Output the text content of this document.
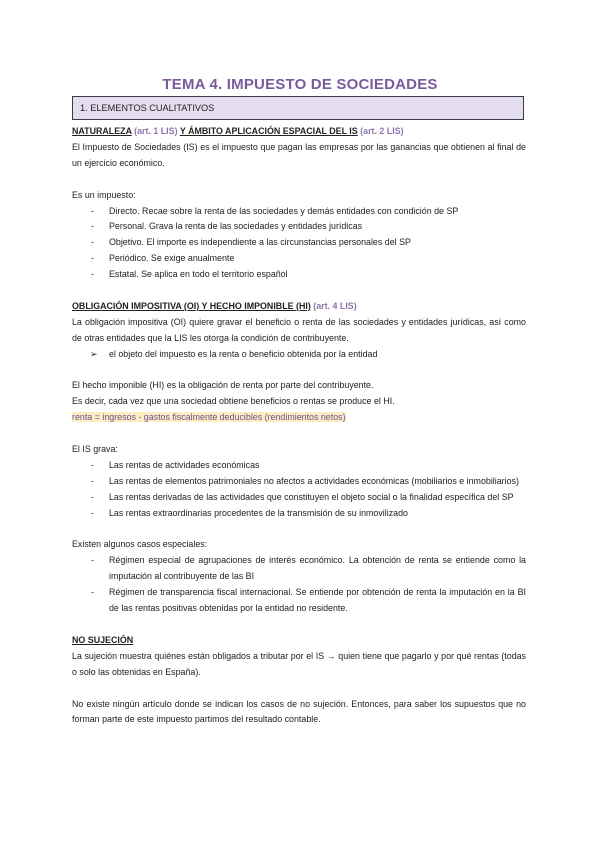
TEMA 4. IMPUESTO DE SOCIEDADES
1. ELEMENTOS CUALITATIVOS

NATURALEZA (art. 1 LIS) Y ÁMBITO APLICACIÓN ESPACIAL DEL IS (art. 2 LIS)

El Impuesto de Sociedades (IS) es el impuesto que pagan las empresas por las ganancias que obtienen al final de un ejercicio económico.

Es un impuesto:

- Directo. Recae sobre la renta de las sociedades y demás entidades con condición de SP
- Personal. Grava la renta de las sociedades y entidades jurídicas
- Objetivo. El importe es independiente a las circunstancias personales del SP
- Periódico. Se exige anualmente
- Estatal. Se aplica en todo el territorio español

OBLIGACIÓN IMPOSITIVA (OI) Y HECHO IMPONIBLE (HI) (art. 4 LIS)

La obligación impositiva (OI) quiere gravar el beneficio o renta de las sociedades y entidades jurídicas, así como de otras entidades que la LIS les otorga la condición de contribuyente.

➢ el objeto del impuesto es la renta o beneficio obtenida por la entidad

El hecho imponible (HI) es la obligación de renta por parte del contribuyente.

Es decir, cada vez que una sociedad obtiene beneficios o rentas se produce el HI.

renta = ingresos - gastos fiscalmente deducibles (rendimientos netos)

El IS grava:

- Las rentas de actividades económicas
- Las rentas de elementos patrimoniales no afectos a actividades económicas (mobiliarios e inmobiliarios)
- Las rentas derivadas de las actividades que constituyen el objeto social o la finalidad específica del SP
- Las rentas extraordinarias procedentes de la transmisión de su inmovilizado

Existen algunos casos especiales:

- Régimen especial de agrupaciones de interés económico. La obtención de renta se entiende como la imputación al contribuyente de las BI
- Régimen de transparencia fiscal internacional. Se entiende por obtención de renta la imputación en la BI de las rentas positivas obtenidas por la entidad no residente.

NO SUJECIÓN

La sujeción muestra quiénes están obligados a tributar por el IS → quien tiene que pagarlo y por qué rentas (todas o solo las obtenidas en España).

No existe ningún artículo donde se indican los casos de no sujeción. Entonces, para saber los supuestos que no forman parte de este impuesto partimos del resultado contable.
